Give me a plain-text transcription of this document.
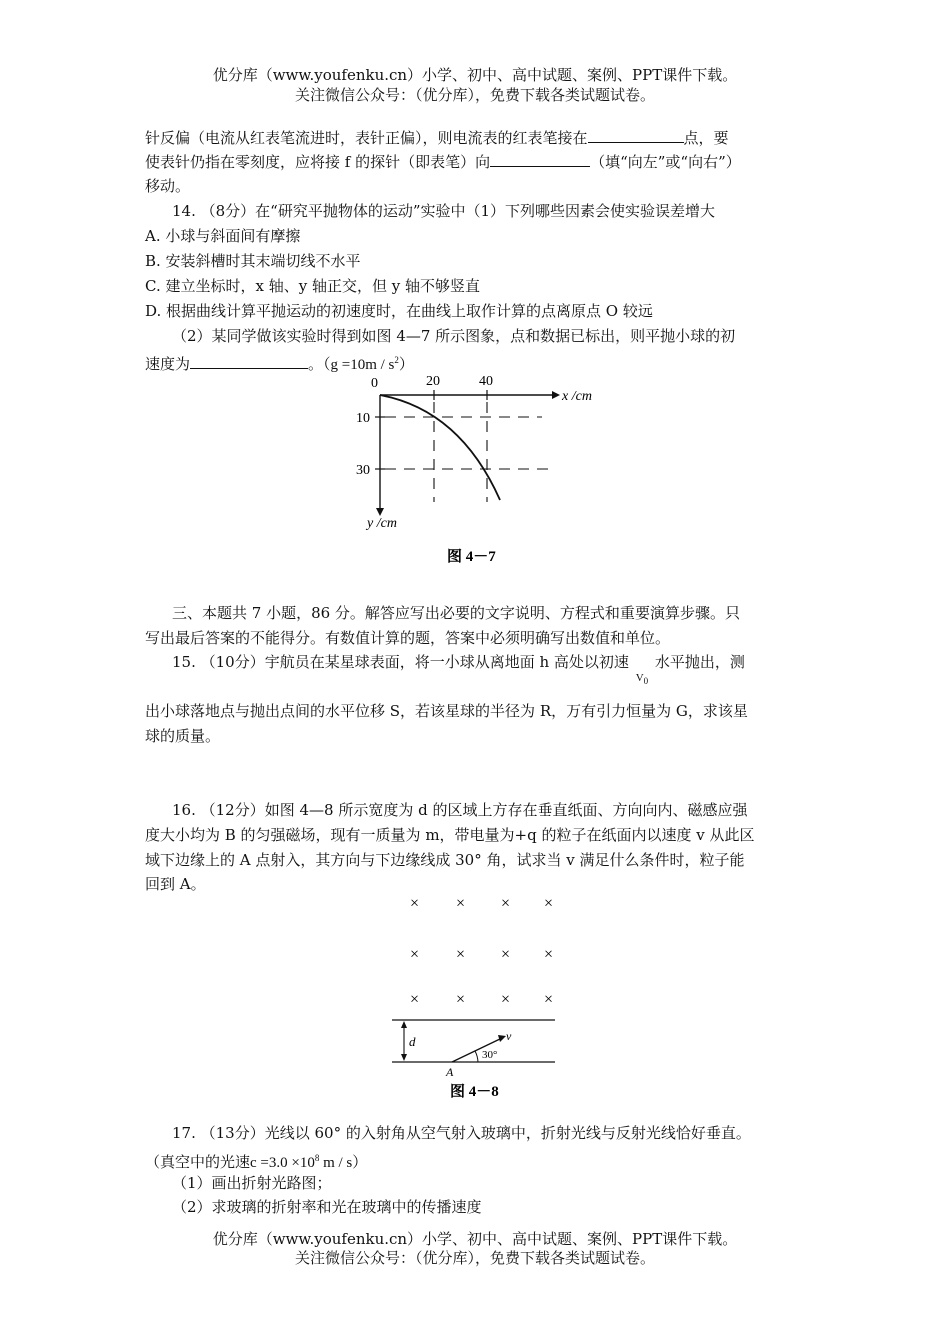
优分库（www.youfenku.cn）小学、初中、高中试题、案例、PPT课件下载。
关注微信公众号：（优分库），免费下载各类试题试卷。
针反偏（电流从红表笔流进时，表针正偏），则电流表的红表笔接在	点，要
使表针仍指在零刻度，应将接 f 的探针（即表笔）向	（填“向左”或“向右”）
移动。
14. （8分）在“研究平抛物体的运动”实验中（1）下列哪些因素会使实验误差增大
A. 小球与斜面间有摩擦
B. 安装斜槽时其末端切线不水平
C. 建立坐标时，x 轴、y 轴正交，但 y 轴不够竖直
D. 根据曲线计算平抛运动的初速度时，在曲线上取作计算的点离原点 O 较远
（2）某同学做该实验时得到如图 4—7 所示图象，点和数据已标出，则平抛小球的初
速度为	。$(g =10m / s^2)$
0	20	40
x /cm
10
30
y /cm
图 4－7
三、本题共 7 小题，86 分。解答应写出必要的文字说明、方程式和重要演算步骤。只
写出最后答案的不能得分。有数值计算的题，答案中必须明确写出数值和单位。
15. （10分）宇航员在某星球表面，将一小球从离地面 h 高处以初速$V_0$水平抛出，测
出小球落地点与抛出点间的水平位移 S，若该星球的半径为 R，万有引力恒量为 G，求该星
球的质量。
16. （12分）如图 4—8 所示宽度为 d 的区域上方存在垂直纸面、方向向内、磁感应强
度大小均为 B 的匀强磁场，现有一质量为 m，带电量为+q 的粒子在纸面内以速度 v 从此区
域下边缘上的 A 点射入，其方向与下边缘线成 30° 角，试求当 v 满足什么条件时，粒子能
回到 A。
× × × ×
× × × ×
× × × ×
d	v
30°
A
图 4－8
17. （13分）光线以 60° 的入射角从空气射入玻璃中，折射光线与反射光线恰好垂直。
（真空中的光速$c =3.0 \times 10^8$ m / s）
（1）画出折射光路图；
（2）求玻璃的折射率和光在玻璃中的传播速度
优分库（www.youfenku.cn）小学、初中、高中试题、案例、PPT课件下载。
关注微信公众号：（优分库），免费下载各类试题试卷。
